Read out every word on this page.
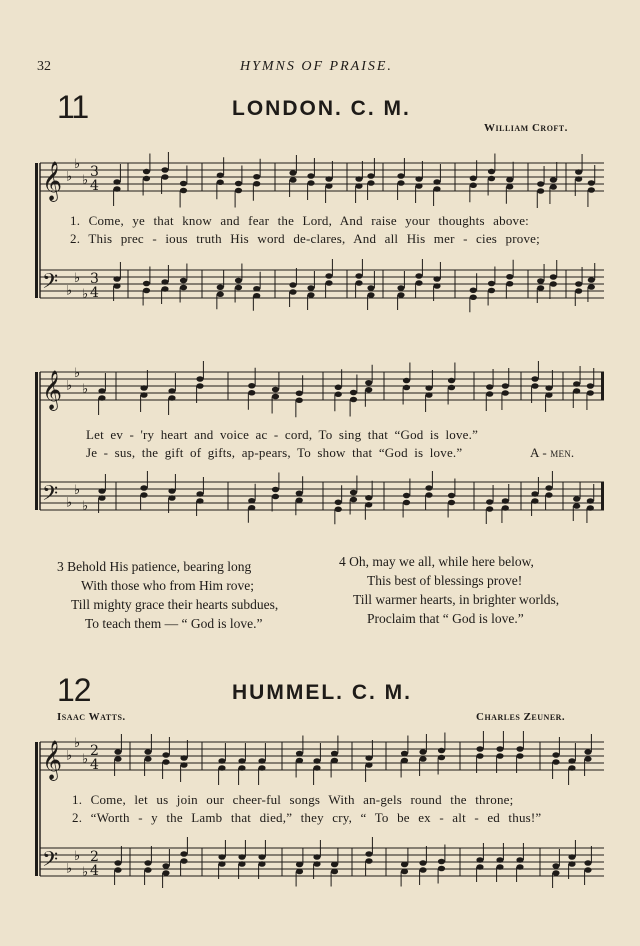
32	HYMNS OF PRAISE.
11	LONDON. C. M.
William Croft.
𝄞
𝄢
♭
♭
♭
♭
♭
♭
3
4
3
4
𝄞
𝄢
♭
♭
♭
♭
♭
♭
𝄞
𝄢
♭
♭
♭
♭
♭
♭
2
4
2
4
1. Come, ye that know and fear the Lord, And raise your thoughts above:
2. This prec - ious truth His word de-clares, And all His mer - cies prove;
Let ev - 'ry heart and voice ac - cord, To sing that “God is love.”
Je - sus, the gift of gifts, ap-pears, To show that “God is love.”	A - men.
3 Behold His patience, bearing long
With those who from Him rove;
Till mighty grace their hearts subdues,
To teach them — “ God is love.”
4 Oh, may we all, while here below,
This best of blessings prove!
Till warmer hearts, in brighter worlds,
Proclaim that “ God is love.”
12	HUMMEL. C. M.
Isaac Watts.	Charles Zeuner.
1. Come, let us join our cheer-ful songs With an-gels round the throne;
2. “Worth - y the Lamb that died,” they cry, “ To be ex - alt - ed thus!”
